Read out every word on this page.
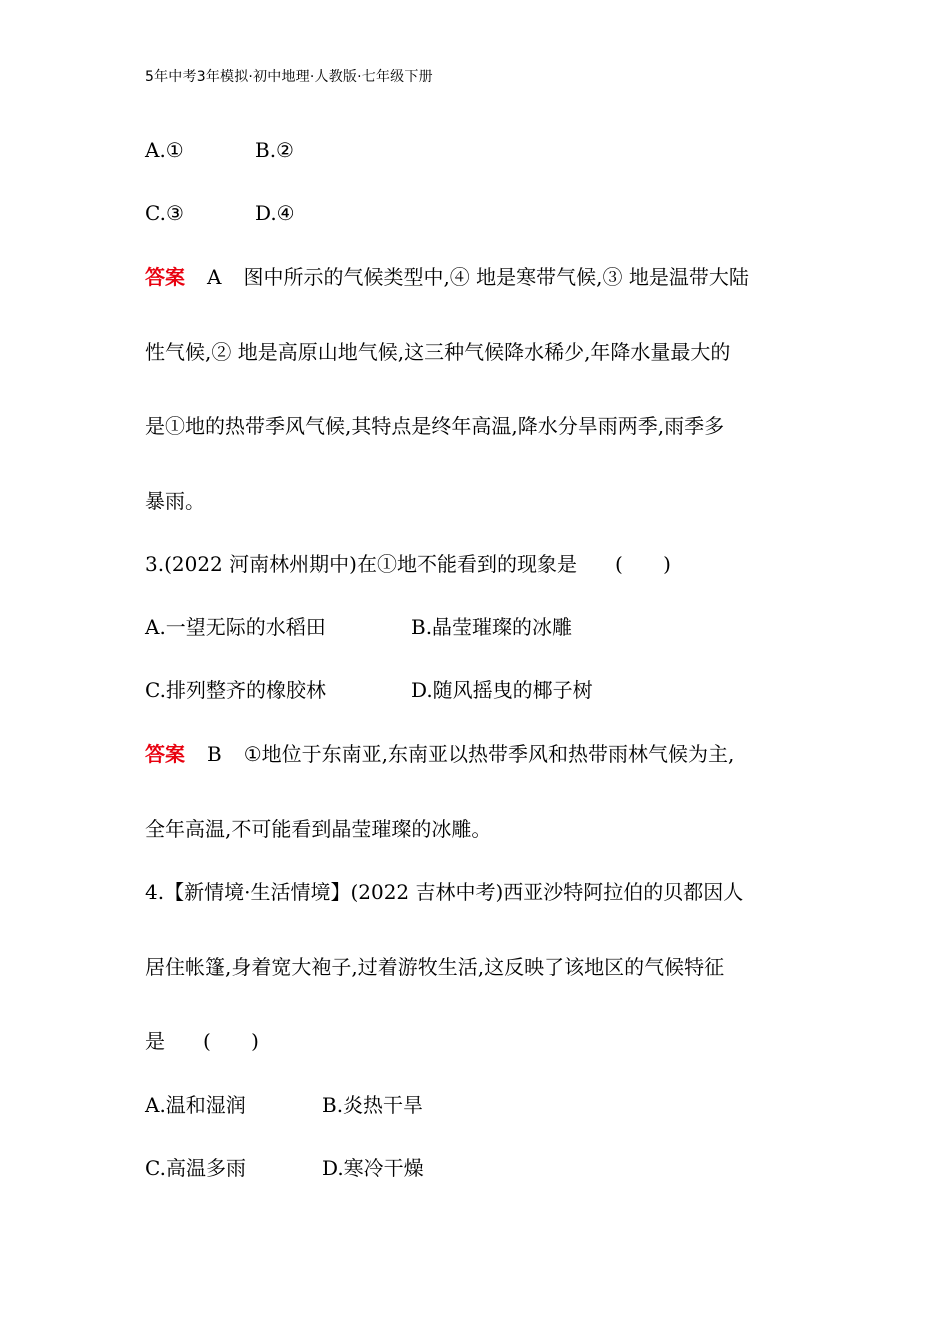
5年中考3年模拟·初中地理·人教版·七年级下册
A.①	B.②
C.③	D.④
答案 A 图中所示的气候类型中,④ 地是寒带气候,③ 地是温带大陆
性气候,② 地是高原山地气候,这三种气候降水稀少,年降水量最大的
是①地的热带季风气候,其特点是终年高温,降水分旱雨两季,雨季多
暴雨。
3.(2022 河南林州期中)在①地不能看到的现象是 ( )
A.一望无际的水稻田	B.晶莹璀璨的冰雕
C.排列整齐的橡胶林	D.随风摇曳的椰子树
答案 B ①地位于东南亚,东南亚以热带季风和热带雨林气候为主,
全年高温,不可能看到晶莹璀璨的冰雕。
4.【新情境·生活情境】(2022 吉林中考)西亚沙特阿拉伯的贝都因人
居住帐篷,身着宽大袍子,过着游牧生活,这反映了该地区的气候特征
是 ( )
A.温和湿润	B.炎热干旱
C.高温多雨	D.寒冷干燥
